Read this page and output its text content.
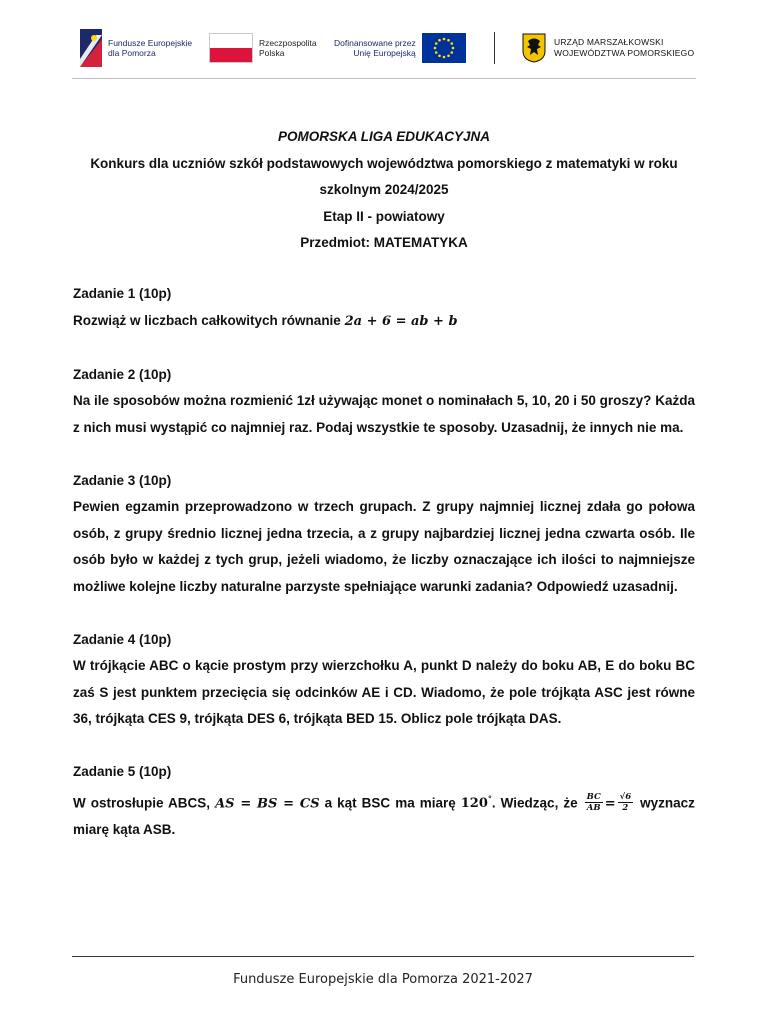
Fundusze Europejskie
dla Pomorza
Rzeczpospolita
Polska
Dofinansowane przez
Unię Europejską
URZĄD MARSZAŁKOWSKI
WOJEWÓDZTWA POMORSKIEGO
POMORSKA LIGA EDUKACYJNA
Konkurs dla uczniów szkół podstawowych województwa pomorskiego z matematyki w roku
szkolnym 2024/2025
Etap II - powiatowy
Przedmiot: MATEMATYKA
Zadanie 1 (10p)

Rozwiąż w liczbach całkowitych równanie 2a + 6 = ab + b

Zadanie 2 (10p)

Na ile sposobów można rozmienić 1zł używając monet o nominałach 5, 10, 20 i 50 groszy? Każda z nich musi wystąpić co najmniej raz. Podaj wszystkie te sposoby. Uzasadnij, że innych nie ma.

Zadanie 3 (10p)

Pewien egzamin przeprowadzono w trzech grupach. Z grupy najmniej licznej zdała go połowa osób, z grupy średnio licznej jedna trzecia, a z grupy najbardziej licznej jedna czwarta osób. Ile osób było w każdej z tych grup, jeżeli wiadomo, że liczby oznaczające ich ilości to najmniejsze możliwe kolejne liczby naturalne parzyste spełniające warunki zadania? Odpowiedź uzasadnij.

Zadanie 4 (10p)

W trójkącie ABC o kącie prostym przy wierzchołku A, punkt D należy do boku AB, E do boku BC zaś S jest punktem przecięcia się odcinków AE i CD. Wiadomo, że pole trójkąta ASC jest równe 36, trójkąta CES 9, trójkąta DES 6, trójkąta BED 15. Oblicz pole trójkąta DAS.

Zadanie 5 (10p)

W ostrosłupie ABCS, AS = BS = CS a kąt BSC ma miarę 120°. Wiedząc, że $\frac{BC}{AB} = \frac{√6}{2}$ wyznacz miarę kąta ASB.

Fundusze Europejskie dla Pomorza 2021-2027
